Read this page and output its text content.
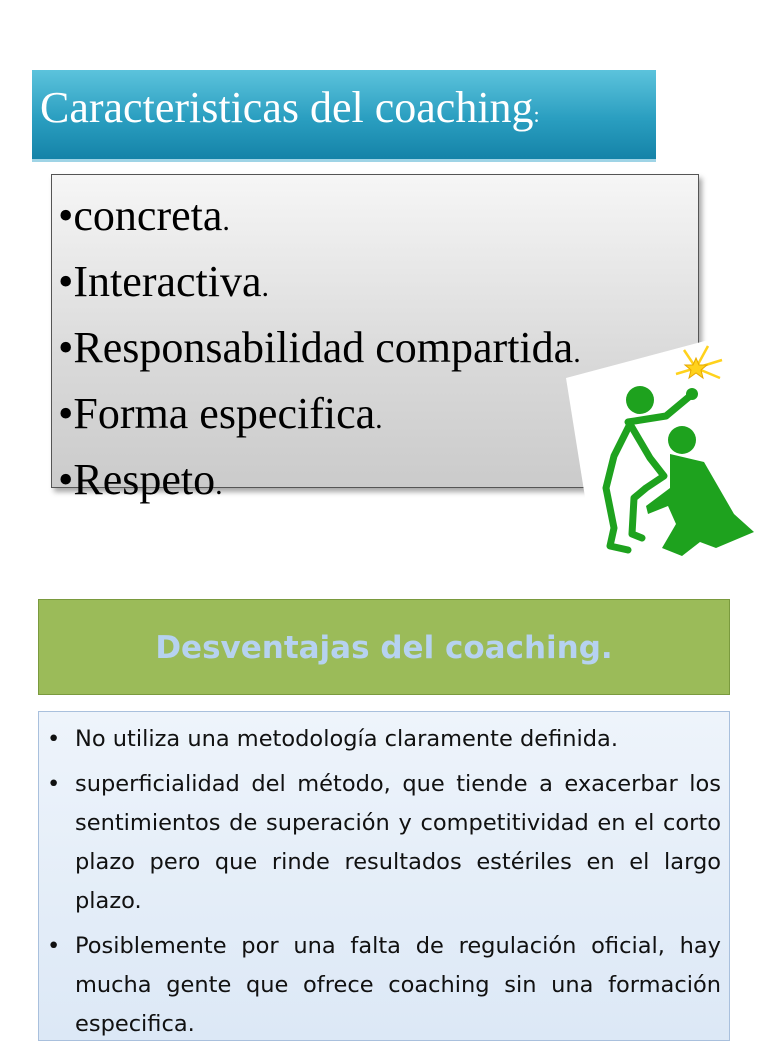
Caracteristicas del coaching:
•concreta.
•Interactiva.
•Responsabilidad compartida.
•Forma especifica.
•Respeto.
Desventajas del coaching.
• No utiliza una metodología claramente definida.
• superficialidad del método, que tiende a exacerbar los sentimientos de superación y competitividad en el corto plazo pero que rinde resultados estériles en el largo plazo.
• Posiblemente por una falta de regulación oficial, hay mucha gente que ofrece coaching sin una formación especifica.
